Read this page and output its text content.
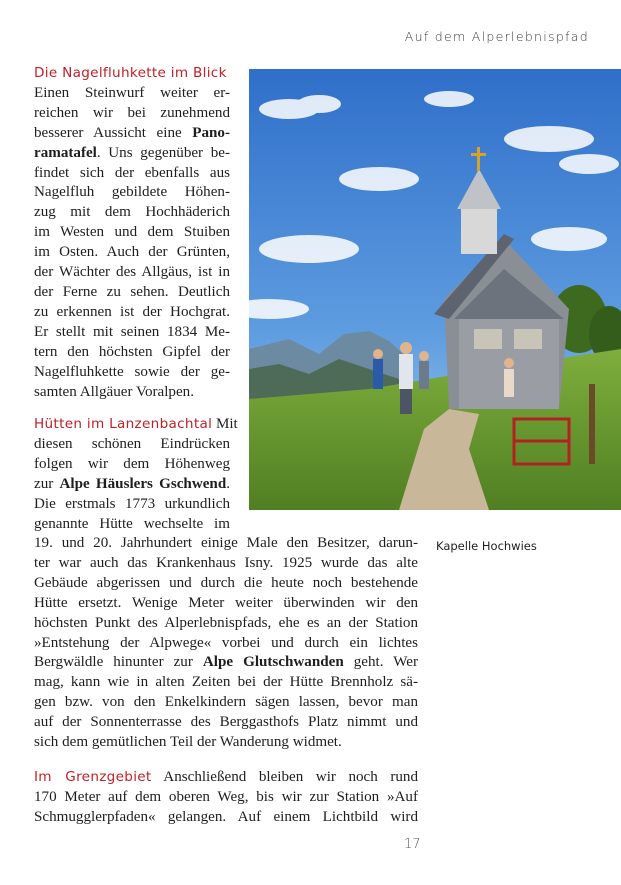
Auf dem Alperlebnispfad
Die Nagelfluhkette im Blick
Einen Steinwurf weiter er-
reichen wir bei zunehmend
besserer Aussicht eine Pano-
ramatafel. Uns gegenüber be-
findet sich der ebenfalls aus
Nagelfluh gebildete Höhen-
zug mit dem Hochhäderich
im Westen und dem Stuiben
im Osten. Auch der Grünten,
der Wächter des Allgäus, ist in
der Ferne zu sehen. Deutlich
zu erkennen ist der Hochgrat.
Er stellt mit seinen 1834 Me-
tern den höchsten Gipfel der
Nagelfluhkette sowie der ge-
samten Allgäuer Voralpen.
Hütten im Lanzenbachtal Mit
diesen schönen Eindrücken
folgen wir dem Höhenweg
zur Alpe Häuslers Gschwend.
Die erstmals 1773 urkundlich
genannte Hütte wechselte im
19. und 20. Jahrhundert einige Male den Besitzer, darun-
ter war auch das Krankenhaus Isny. 1925 wurde das alte
Gebäude abgerissen und durch die heute noch bestehende
Hütte ersetzt. Wenige Meter weiter überwinden wir den
höchsten Punkt des Alperlebnispfads, ehe es an der Station
»Entstehung der Alpwege« vorbei und durch ein lichtes
Bergwäldle hinunter zur Alpe Glutschwanden geht. Wer
mag, kann wie in alten Zeiten bei der Hütte Brennholz sä-
gen bzw. von den Enkelkindern sägen lassen, bevor man
auf der Sonnenterrasse des Berggasthofs Platz nimmt und
sich dem gemütlichen Teil der Wanderung widmet.
Im Grenzgebiet Anschließend bleiben wir noch rund
170 Meter auf dem oberen Weg, bis wir zur Station »Auf
Schmugglerpfaden« gelangen. Auf einem Lichtbild wird
Kapelle Hochwies
17
